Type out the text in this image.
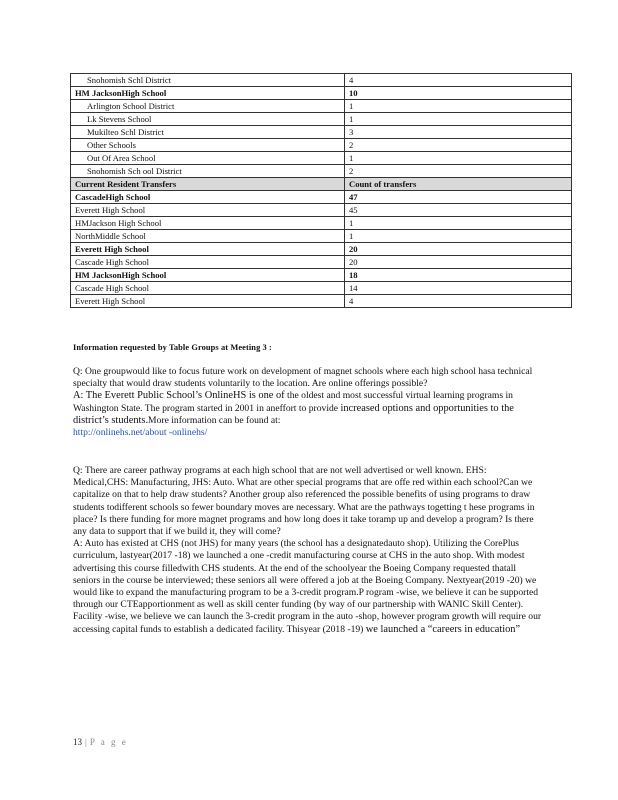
Snohomish Schl District	4
HM JacksonHigh School	10
Arlington School District	1
Lk Stevens School	1
Mukilteo Schl District	3
Other Schools	2
Out Of Area School	1
Snohomish Sch ool District	2
Current Resident Transfers	Count of transfers
CascadeHigh School	47
Everett High School	45
HMJackson High School	1
NorthMiddle School	1
Everett High School	20
Cascade High School	20
HM JacksonHigh School	18
Cascade High School	14
Everett High School	4

Information requested by Table Groups at Meeting 3 :

Q: One groupwould like to focus future work on development of magnet schools where each high school hasa technical specialty that would draw students voluntarily to the location. Are online offerings possible?
A: The Everett Public School’s OnlineHS is one of the oldest and most successful virtual learning programs in Washington State. The program started in 2001 in aneffort to provide increased options and opportunities to the district’s students.More information can be found at:
http://onlinehs.net/about -onlinehs/

Q: There are career pathway programs at each high school that are not well advertised or well known. EHS: Medical,CHS: Manufacturing, JHS: Auto. What are other special programs that are offe red within each school?Can we capitalize on that to help draw students? Another group also referenced the possible benefits of using programs to draw students todifferent schools so fewer boundary moves are necessary. What are the pathways togetting t hese programs in place? Is there funding for more magnet programs and how long does it take toramp up and develop a program? Is there any data to support that if we build it, they will come?
A: Auto has existed at CHS (not JHS) for many years (the school has a designatedauto shop). Utilizing the CorePlus curriculum, lastyear(2017 -18) we launched a one -credit manufacturing course at CHS in the auto shop. With modest advertising this course filledwith CHS students. At the end of the schoolyear the Boeing Company requested thatall seniors in the course be interviewed; these seniors all were offered a job at the Boeing Company. Nextyear(2019 -20) we would like to expand the manufacturing program to be a 3-credit program.P rogram -wise, we believe it can be supported through our CTEapportionment as well as skill center funding (by way of our partnership with WANIC Skill Center). Facility -wise, we believe we can launch the 3-credit program in the auto -shop, however program growth will require our accessing capital funds to establish a dedicated facility. Thisyear (2018 -19) we launched a “careers in education”

13 | P a g e
